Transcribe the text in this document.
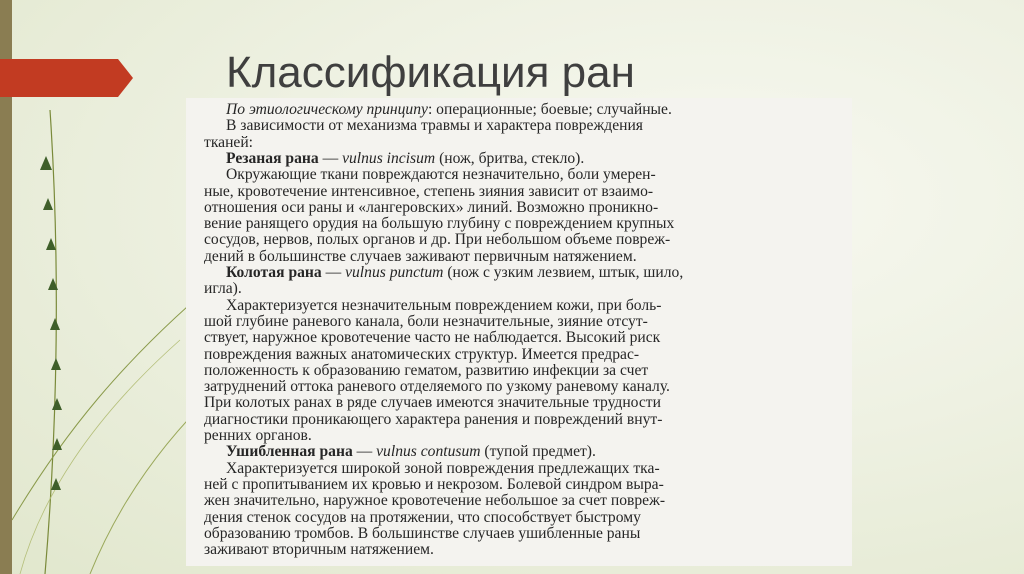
Классификация ран
По этиологическому принципу: операционные; боевые; случайные.
В зависимости от механизма травмы и характера повреждения
тканей:
Резаная рана — vulnus incisum (нож, бритва, стекло).
Окружающие ткани повреждаются незначительно, боли умерен-
ные, кровотечение интенсивное, степень зияния зависит от взаимо-
отношения оси раны и «лангеровских» линий. Возможно проникно-
вение ранящего орудия на большую глубину с повреждением крупных
сосудов, нервов, полых органов и др. При небольшом объеме повреж-
дений в большинстве случаев заживают первичным натяжением.
Колотая рана — vulnus punctum (нож с узким лезвием, штык, шило,
игла).
Характеризуется незначительным повреждением кожи, при боль-
шой глубине раневого канала, боли незначительные, зияние отсут-
ствует, наружное кровотечение часто не наблюдается. Высокий риск
повреждения важных анатомических структур. Имеется предрас-
положенность к образованию гематом, развитию инфекции за счет
затруднений оттока раневого отделяемого по узкому раневому каналу.
При колотых ранах в ряде случаев имеются значительные трудности
диагностики проникающего характера ранения и повреждений внут-
ренних органов.
Ушибленная рана — vulnus contusum (тупой предмет).
Характеризуется широкой зоной повреждения предлежащих тка-
ней с пропитыванием их кровью и некрозом. Болевой синдром выра-
жен значительно, наружное кровотечение небольшое за счет повреж-
дения стенок сосудов на протяжении, что способствует быстрому
образованию тромбов. В большинстве случаев ушибленные раны
заживают вторичным натяжением.
